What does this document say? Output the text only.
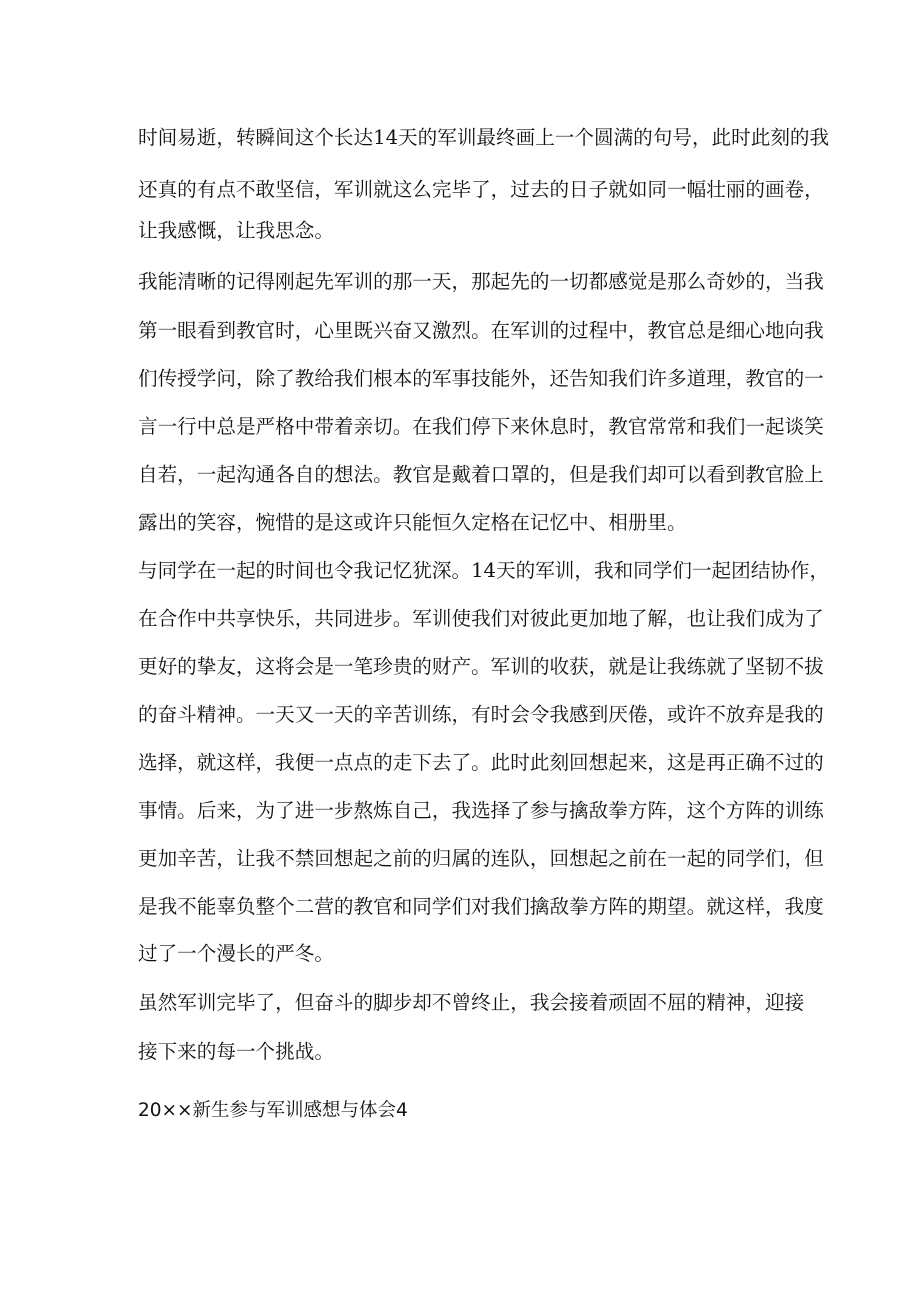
时间易逝，转瞬间这个长达14天的军训最终画上一个圆满的句号，此时此刻的我

还真的有点不敢坚信，军训就这么完毕了，过去的日子就如同一幅壮丽的画卷，

让我感慨，让我思念。

我能清晰的记得刚起先军训的那一天，那起先的一切都感觉是那么奇妙的，当我

第一眼看到教官时，心里既兴奋又激烈。在军训的过程中，教官总是细心地向我

们传授学问，除了教给我们根本的军事技能外，还告知我们许多道理，教官的一

言一行中总是严格中带着亲切。在我们停下来休息时，教官常常和我们一起谈笑

自若，一起沟通各自的想法。教官是戴着口罩的，但是我们却可以看到教官脸上

露出的笑容，惋惜的是这或许只能恒久定格在记忆中、相册里。

与同学在一起的时间也令我记忆犹深。14天的军训，我和同学们一起团结协作，

在合作中共享快乐，共同进步。军训使我们对彼此更加地了解，也让我们成为了

更好的挚友，这将会是一笔珍贵的财产。军训的收获，就是让我练就了坚韧不拔

的奋斗精神。一天又一天的辛苦训练，有时会令我感到厌倦，或许不放弃是我的

选择，就这样，我便一点点的走下去了。此时此刻回想起来，这是再正确不过的

事情。后来，为了进一步熬炼自己，我选择了参与擒敌拳方阵，这个方阵的训练

更加辛苦，让我不禁回想起之前的归属的连队，回想起之前在一起的同学们，但

是我不能辜负整个二营的教官和同学们对我们擒敌拳方阵的期望。就这样，我度

过了一个漫长的严冬。

虽然军训完毕了，但奋斗的脚步却不曾终止，我会接着顽固不屈的精神，迎接

接下来的每一个挑战。

20××新生参与军训感想与体会4
